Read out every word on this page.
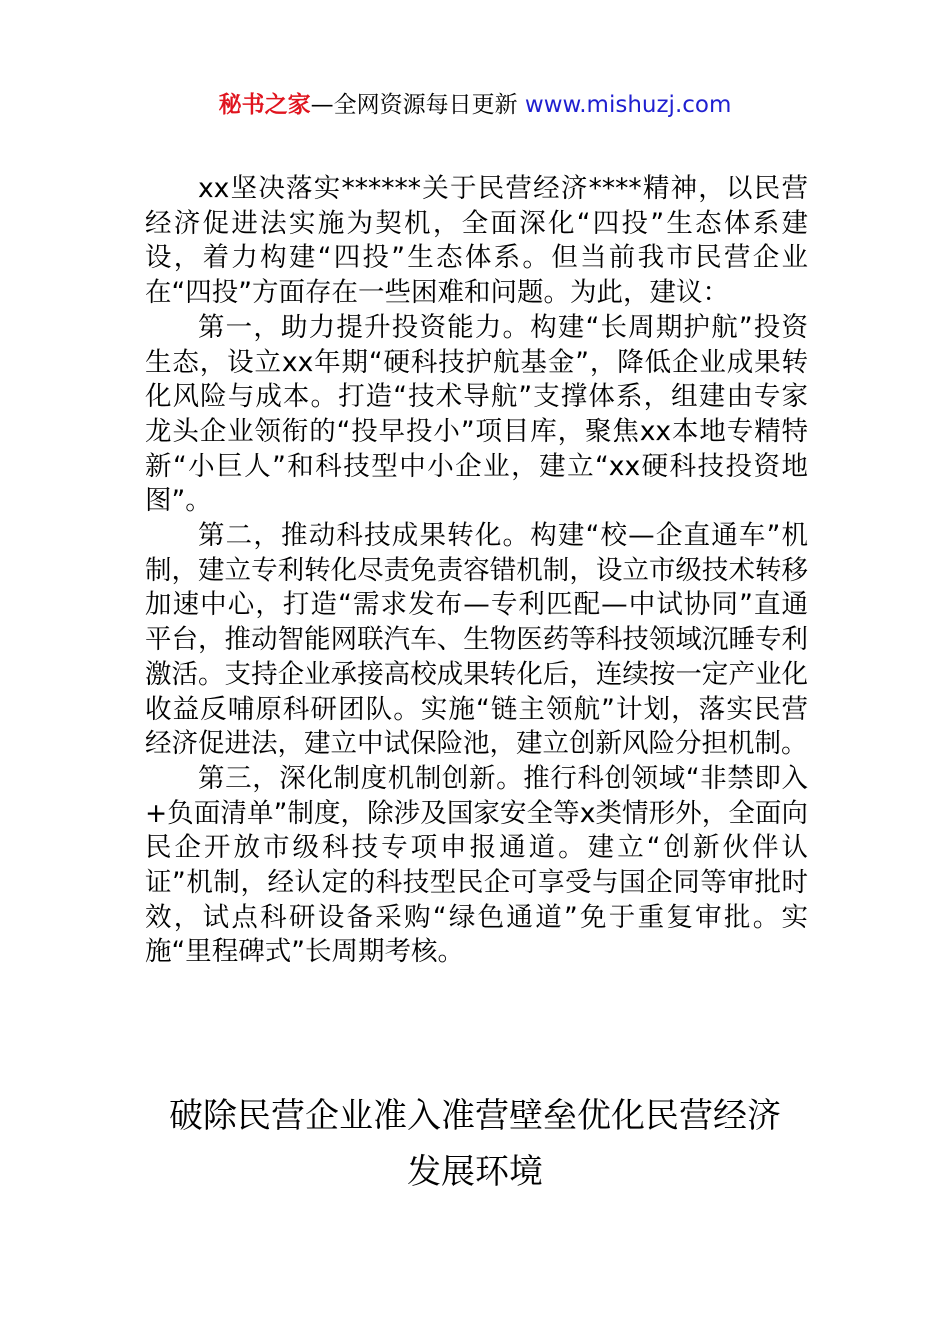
秘书之家—全网资源每日更新 www.mishuzj.com

xx坚决落实******关于民营经济****精神，以民营经济促进法实施为契机，全面深化“四投”生态体系建设，着力构建“四投”生态体系。但当前我市民营企业在“四投”方面存在一些困难和问题。为此，建议：

第一，助力提升投资能力。构建“长周期护航”投资生态，设立xx年期“硬科技护航基金”，降低企业成果转化风险与成本。打造“技术导航”支撑体系，组建由专家龙头企业领衔的“投早投小”项目库，聚焦xx本地专精特新“小巨人”和科技型中小企业，建立“xx硬科技投资地图”。

第二，推动科技成果转化。构建“校—企直通车”机制，建立专利转化尽责免责容错机制，设立市级技术转移加速中心，打造“需求发布—专利匹配—中试协同”直通平台，推动智能网联汽车、生物医药等科技领域沉睡专利激活。支持企业承接高校成果转化后，连续按一定产业化收益反哺原科研团队。实施“链主领航”计划，落实民营经济促进法，建立中试保险池，建立创新风险分担机制。

第三，深化制度机制创新。推行科创领域“非禁即入+负面清单”制度，除涉及国家安全等x类情形外，全面向民企开放市级科技专项申报通道。建立“创新伙伴认证”机制，经认定的科技型民企可享受与国企同等审批时效，试点科研设备采购“绿色通道”免于重复审批。实施“里程碑式”长周期考核。

破除民营企业准入准营壁垒优化民营经济
发展环境
